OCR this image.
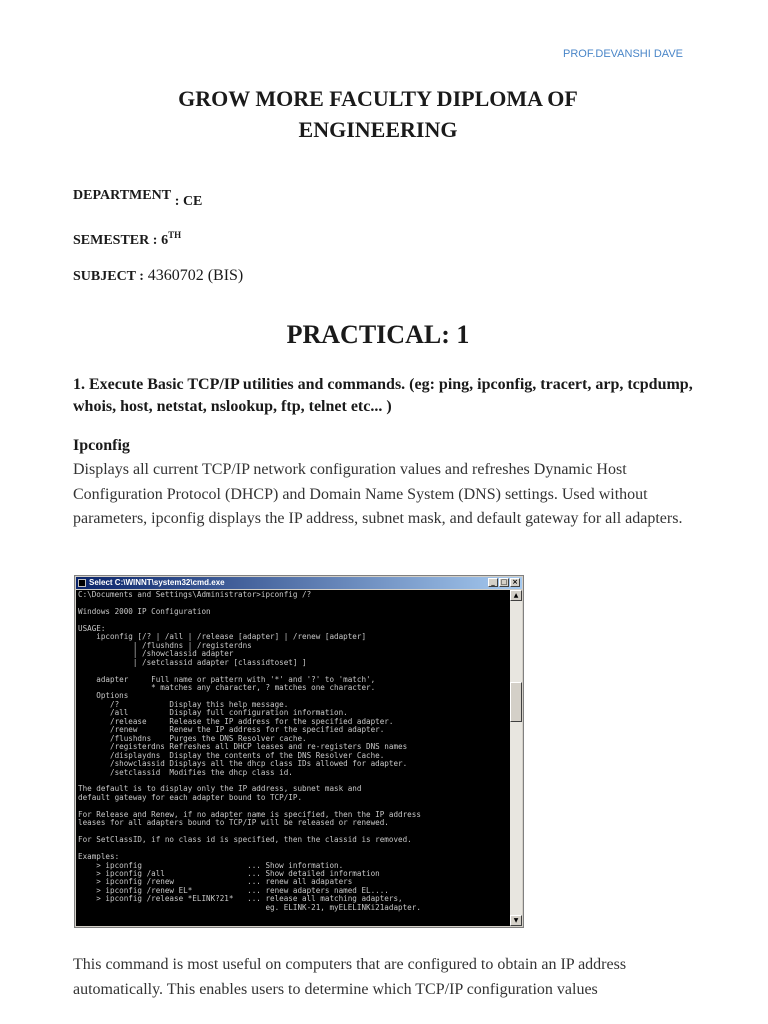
PROF.DEVANSHI DAVE
GROW MORE FACULTY DIPLOMA OF ENGINEERING
DEPARTMENT : CE
SEMESTER : 6TH
SUBJECT : 4360702 (BIS)
PRACTICAL: 1
1. Execute Basic TCP/IP utilities and commands. (eg: ping, ipconfig, tracert, arp, tcpdump, whois, host, netstat, nslookup, ftp, telnet etc... )
Ipconfig
Displays all current TCP/IP network configuration values and refreshes Dynamic Host Configuration Protocol (DHCP) and Domain Name System (DNS) settings. Used without parameters, ipconfig displays the IP address, subnet mask, and default gateway for all adapters.
Select C:\WINNT\system32\cmd.exe	_ □ ×
C:\Documents and Settings\Administrator>ipconfig /?

Windows 2000 IP Configuration

USAGE:
ipconfig [/? | /all | /release [adapter] | /renew [adapter]
| /flushdns | /registerdns
| /showclassid adapter
| /setclassid adapter [classidtoset] ]

adapter     Full name or pattern with '*' and '?' to 'match',
* matches any character, ? matches one character.
Options
/?           Display this help message.
/all         Display full configuration information.
/release     Release the IP address for the specified adapter.
/renew       Renew the IP address for the specified adapter.
/flushdns    Purges the DNS Resolver cache.
/registerdns Refreshes all DHCP leases and re-registers DNS names
/displaydns  Display the contents of the DNS Resolver Cache.
/showclassid Displays all the dhcp class IDs allowed for adapter.
/setclassid  Modifies the dhcp class id.

The default is to display only the IP address, subnet mask and
default gateway for each adapter bound to TCP/IP.

For Release and Renew, if no adapter name is specified, then the IP address
leases for all adapters bound to TCP/IP will be released or renewed.

For SetClassID, if no class id is specified, then the classid is removed.

Examples:
> ipconfig                       ... Show information.
> ipconfig /all                  ... Show detailed information
> ipconfig /renew                ... renew all adapaters
> ipconfig /renew EL*            ... renew adapters named EL....
> ipconfig /release *ELINK?21*   ... release all matching adapters,
eg. ELINK-21, myELELINKi21adapter.
▲
▼
This command is most useful on computers that are configured to obtain an IP address automatically. This enables users to determine which TCP/IP configuration values
